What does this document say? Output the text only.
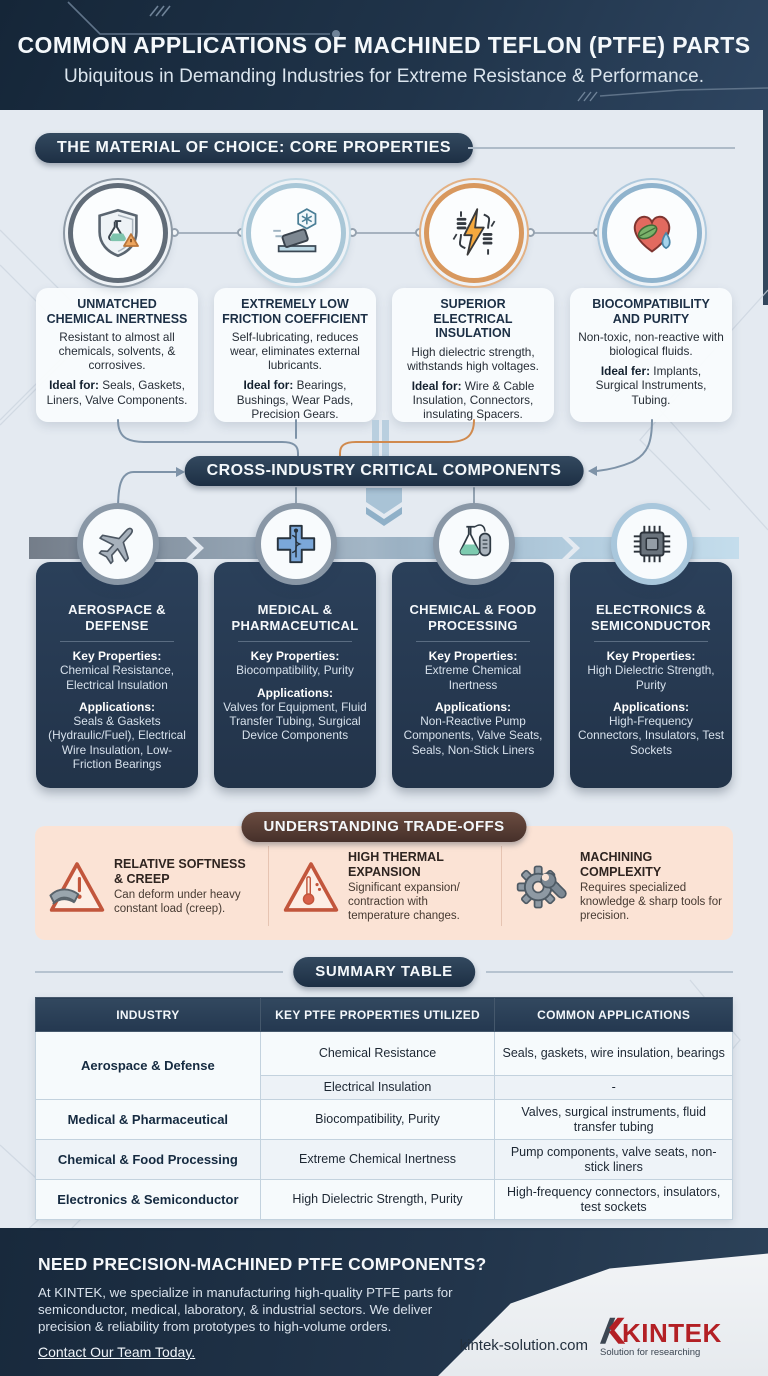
COMMON APPLICATIONS OF MACHINED TEFLON (PTFE) PARTS
Ubiquitous in Demanding Industries for Extreme Resistance & Performance.
THE MATERIAL OF CHOICE: CORE PROPERTIES
UNMATCHED CHEMICAL INERTNESS
Resistant to almost all chemicals, solvents, & corrosives.
Ideal for: Seals, Gaskets, Liners, Valve Components.
EXTREMELY LOW FRICTION COEFFICIENT
Self-lubricating, reduces wear, eliminates external lubricants.
Ideal for: Bearings, Bushings, Wear Pads, Precision Gears.
SUPERIOR ELECTRICAL INSULATION
High dielectric strength, withstands high voltages.
Ideal for: Wire & Cable Insulation, Connectors, insulating Spacers.
BIOCOMPATIBILITY AND PURITY
Non-toxic, non-reactive with biological fluids.
Ideal fer: Implants, Surgical Instruments, Tubing.
CROSS-INDUSTRY CRITICAL COMPONENTS
AEROSPACE & DEFENSE
Key Properties:
Chemical Resistance, Electrical Insulation
Applications:
Seals & Gaskets (Hydraulic/Fuel), Electrical Wire Insulation, Low-Friction Bearings
MEDICAL & PHARMACEUTICAL
Key Properties:
Biocompatibility, Purity
Applications:
Valves for Equipment, Fluid Transfer Tubing, Surgical Device Components
CHEMICAL & FOOD PROCESSING
Key Properties:
Extreme Chemical Inertness
Applications:
Non-Reactive Pump Components, Valve Seats, Seals, Non-Stick Liners
ELECTRONICS & SEMICONDUCTOR
Key Properties:
High Dielectric Strength, Purity
Applications:
High-Frequency Connectors, Insulators, Test Sockets
UNDERSTANDING TRADE-OFFS
RELATIVE SOFTNESS & CREEP
Can deform under heavy constant load (creep).
HIGH THERMAL EXPANSION
Significant expansion/ contraction with temperature changes.
MACHINING COMPLEXITY
Requires specialized knowledge & sharp tools for precision.
SUMMARY TABLE
INDUSTRY	KEY PTFE PROPERTIES UTILIZED	COMMON APPLICATIONS
Aerospace & Defense	Chemical Resistance	Seals, gaskets, wire insulation, bearings
	Electrical Insulation	-
Medical & Pharmaceutical	Biocompatibility, Purity	Valves, surgical instruments, fluid transfer tubing
Chemical & Food Processing	Extreme Chemical Inertness	Pump components, valve seats, non-stick liners
Electronics & Semiconductor	High Dielectric Strength, Purity	High-frequency connectors, insulators, test sockets
NEED PRECISION-MACHINED PTFE COMPONENTS?
At KINTEK, we specialize in manufacturing high-quality PTFE parts for semiconductor, medical, laboratory, & industrial sectors. We deliver precision & reliability from prototypes to high-volume orders.
Contact Our Team Today.	kintek-solution.com KINTEK
Solution for researching
